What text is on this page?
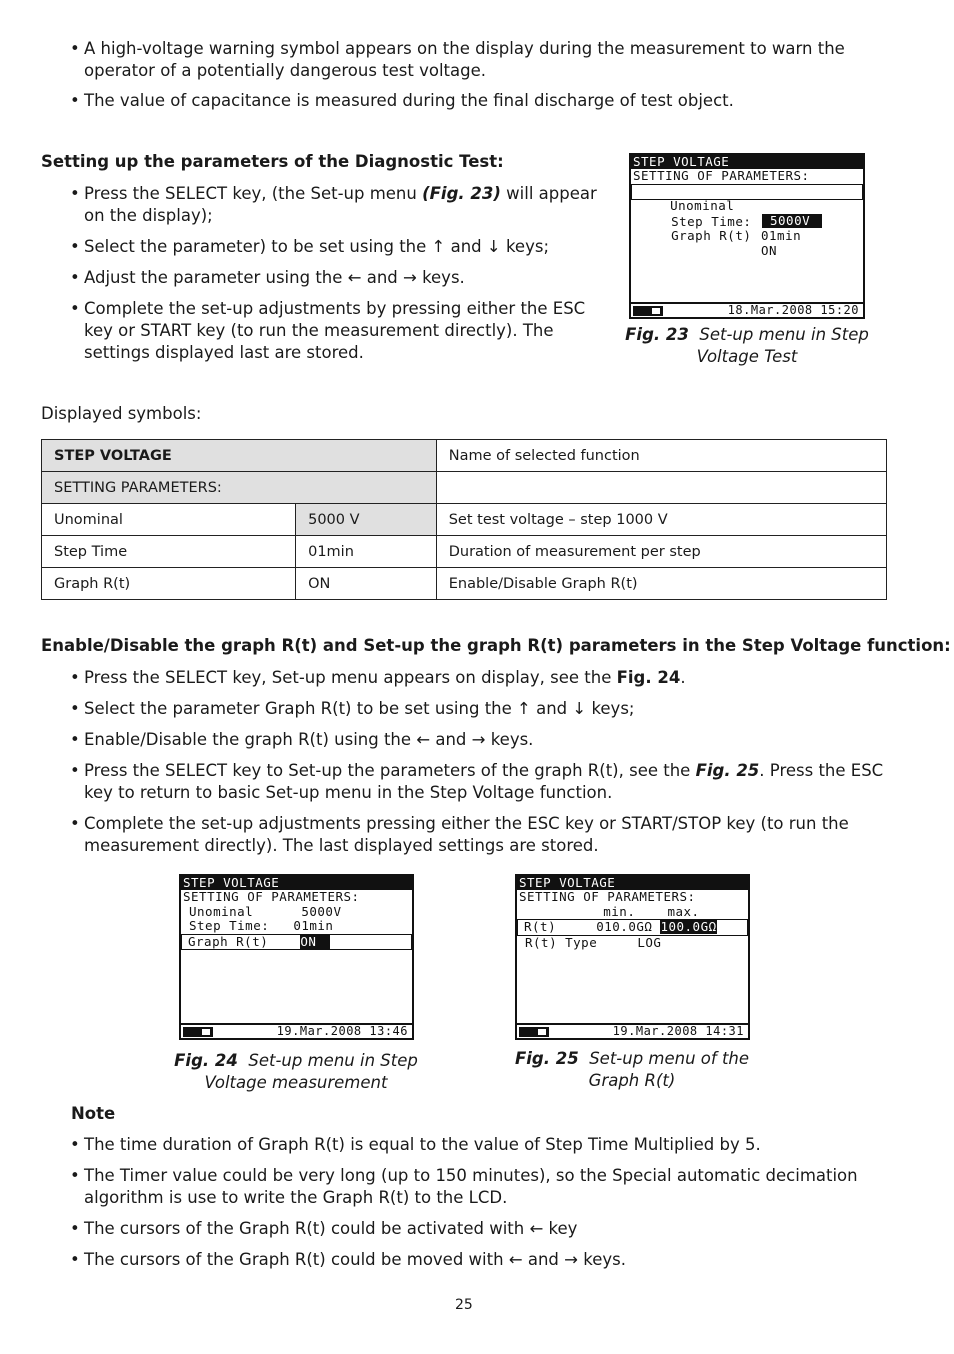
• A high-voltage warning symbol appears on the display during the measurement to warn the operator of a potentially dangerous test voltage.
• The value of capacitance is measured during the final discharge of test object.
Setting up the parameters of the Diagnostic Test:
• Press the SELECT key, (the Set-up menu (Fig. 23) will appear on the display);
• Select the parameter) to be set using the ↑ and ↓ keys;
• Adjust the parameter using the ← and → keys.
• Complete the set-up adjustments by pressing either the ESC key or START key (to run the measurement directly). The settings displayed last are stored.
STEP VOLTAGE
SETTING OF PARAMETERS:

Unominal

5000V

Step Time:

01min

Graph R(t)

ON

18.Mar.2008 15:20
Fig. 23 Set-up menu in Step Voltage Test
Displayed symbols:
STEP VOLTAGE		Name of selected function
SETTING PARAMETERS:		
Unominal	5000 V	Set test voltage – step 1000 V
Step Time	01min	Duration of measurement per step
Graph R(t)	ON	Enable/Disable Graph R(t)
Enable/Disable the graph R(t) and Set-up the graph R(t) parameters in the Step Voltage function:
• Press the SELECT key, Set-up menu appears on display, see the Fig. 24.
• Select the parameter Graph R(t) to be set using the ↑ and ↓ keys;
• Enable/Disable the graph R(t) using the ← and → keys.
• Press the SELECT key to Set-up the parameters of the graph R(t), see the Fig. 25. Press the ESC key to return to basic Set-up menu in the Step Voltage function.
• Complete the set-up adjustments pressing either the ESC key or START/STOP key (to run the measurement directly). The last displayed settings are stored.
STEP VOLTAGE
SETTING OF PARAMETERS:
Unominal      5000V
Step Time:   01min
Graph R(t)    ON
19.Mar.2008 13:46
Fig. 24 Set-up menu in Step Voltage measurement
STEP VOLTAGE
SETTING OF PARAMETERS:
min.    max.
R(t)     010.0GΩ 100.0GΩ
R(t) Type     LOG
19.Mar.2008 14:31
Fig. 25 Set-up menu of the Graph R(t)
Note
• The time duration of Graph R(t) is equal to the value of Step Time Multiplied by 5.
• The Timer value could be very long (up to 150 minutes), so the Special automatic decimation algorithm is use to write the Graph R(t) to the LCD.
• The cursors of the Graph R(t) could be activated with ← key
• The cursors of the Graph R(t) could be moved with ← and → keys.
25
